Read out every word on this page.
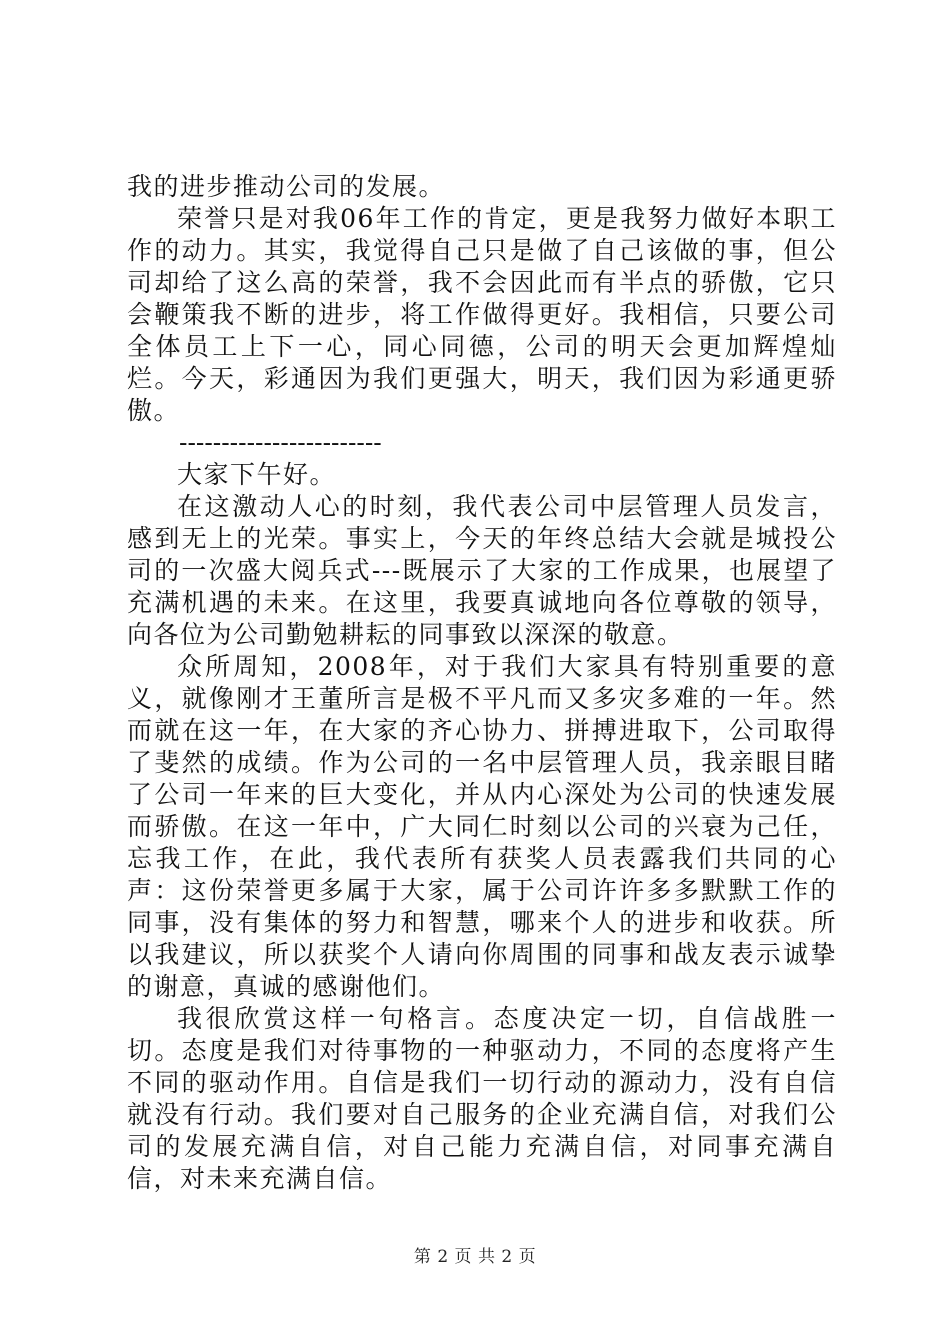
我的进步推动公司的发展。

荣誉只是对我06年工作的肯定，更是我努力做好本职工作的动力。其实，我觉得自己只是做了自己该做的事，但公司却给了这么高的荣誉，我不会因此而有半点的骄傲，它只会鞭策我不断的进步，将工作做得更好。我相信，只要公司全体员工上下一心，同心同德，公司的明天会更加辉煌灿烂。今天，彩通因为我们更强大，明天，我们因为彩通更骄傲。

------------------------

大家下午好。

在这激动人心的时刻，我代表公司中层管理人员发言，感到无上的光荣。事实上，今天的年终总结大会就是城投公司的一次盛大阅兵式---既展示了大家的工作成果，也展望了充满机遇的未来。在这里，我要真诚地向各位尊敬的领导，向各位为公司勤勉耕耘的同事致以深深的敬意。

众所周知，2008年，对于我们大家具有特别重要的意义，就像刚才王董所言是极不平凡而又多灾多难的一年。然而就在这一年，在大家的齐心协力、拼搏进取下，公司取得了斐然的成绩。作为公司的一名中层管理人员，我亲眼目睹了公司一年来的巨大变化，并从内心深处为公司的快速发展而骄傲。在这一年中，广大同仁时刻以公司的兴衰为己任，忘我工作，在此，我代表所有获奖人员表露我们共同的心声：这份荣誉更多属于大家，属于公司许许多多默默工作的同事，没有集体的努力和智慧，哪来个人的进步和收获。所以我建议，所以获奖个人请向你周围的同事和战友表示诚挚的谢意，真诚的感谢他们。

我很欣赏这样一句格言。态度决定一切，自信战胜一切。态度是我们对待事物的一种驱动力，不同的态度将产生不同的驱动作用。自信是我们一切行动的源动力，没有自信就没有行动。我们要对自己服务的企业充满自信，对我们公司的发展充满自信，对自己能力充满自信，对同事充满自信，对未来充满自信。

第 2 页 共 2 页
